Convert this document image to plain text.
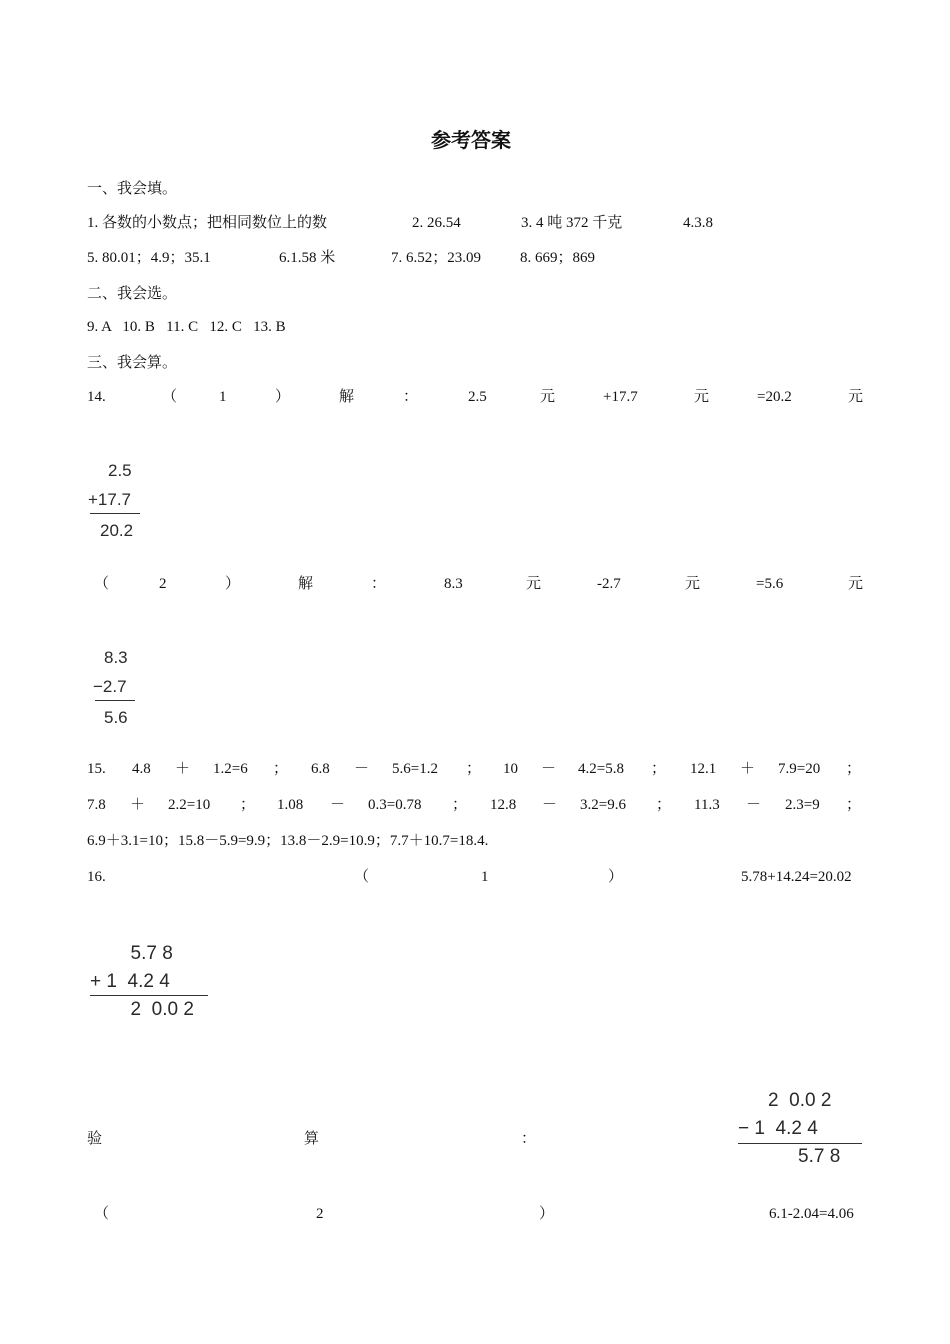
参考答案
一、我会填。
1. 各数的小数点；把相同数位上的数	2. 26.54	3. 4 吨 372 千克	4.3.8
5. 80.01；4.9；35.1	6.1.58 米	7. 6.52；23.09	8. 669；869
二、我会选。
9. A   10. B   11. C   12. C   13. B
三、我会算。
14.	（	1	）	解	：	2.5	元	+17.7	元	=20.2	元
2.5
+17.7
20.2
（	2	）	解	：	8.3	元	-2.7	元	=5.6	元
8.3
−2.7
5.6
15. 4.8 ＋ 1.2=6 ； 6.8 － 5.6=1.2 ； 10 － 4.2=5.8 ； 12.1 ＋ 7.9=20 ；
7.8 ＋ 2.2=10 ； 1.08 － 0.3=0.78 ； 12.8 － 3.2=9.6 ； 11.3 － 2.3=9 ；
6.9＋3.1=10；15.8－5.9=9.9；13.8－2.9=10.9；7.7＋10.7=18.4.
16.	（	1	）	5.78+14.24=20.02
5.7 8
+ 1  4.2 4
2  0.0 2
验	算	：
2  0.0 2
− 1  4.2 4
5.7 8
（	2	）	6.1-2.04=4.06
